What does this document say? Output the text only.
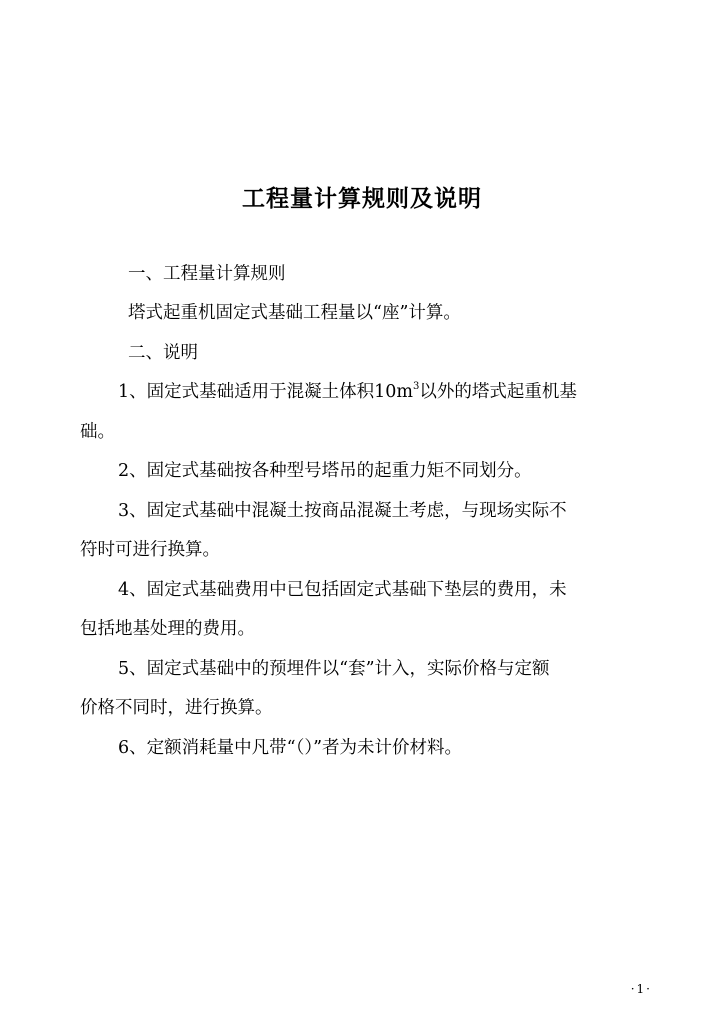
工程量计算规则及说明
一、工程量计算规则
塔式起重机固定式基础工程量以“座”计算。
二、说明
1、固定式基础适用于混凝土体积$10m^3$以外的塔式起重机基
础。
2、固定式基础按各种型号塔吊的起重力矩不同划分。
3、固定式基础中混凝土按商品混凝土考虑，与现场实际不
符时可进行换算。
4、固定式基础费用中已包括固定式基础下垫层的费用，未
包括地基处理的费用。
5、固定式基础中的预埋件以“套”计入，实际价格与定额
价格不同时，进行换算。
6、定额消耗量中凡带“（）”者为未计价材料。
·1·
